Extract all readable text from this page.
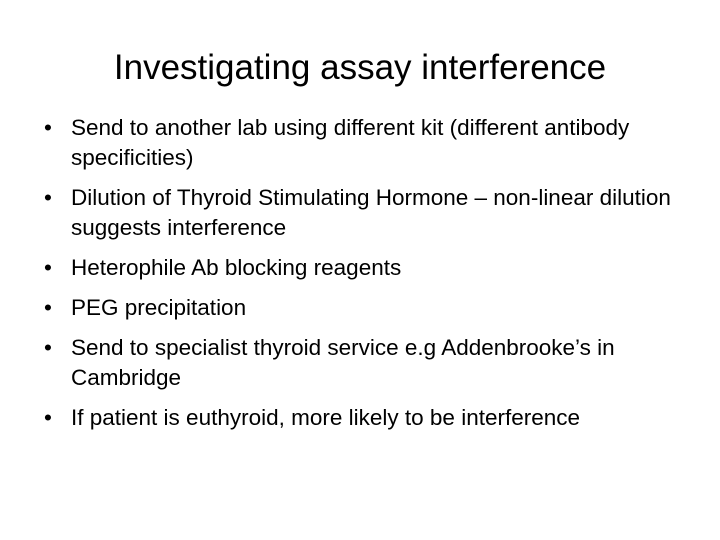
Investigating assay interference
• Send to another lab using different kit (different antibody specificities)
• Dilution of Thyroid Stimulating Hormone – non-linear dilution suggests interference
• Heterophile Ab blocking reagents
• PEG precipitation
• Send to specialist thyroid service e.g Addenbrooke’s in Cambridge
• If patient is euthyroid, more likely to be interference
